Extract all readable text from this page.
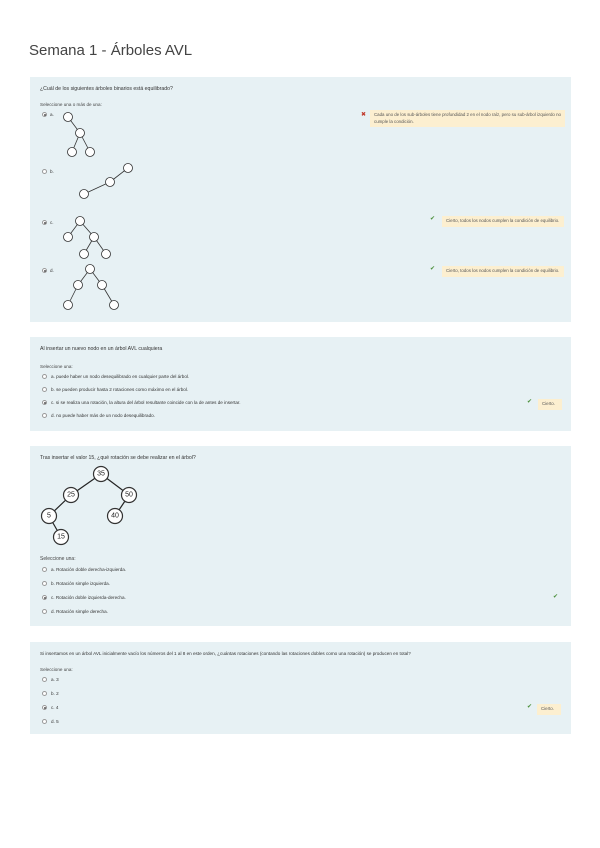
Semana 1 - Árboles AVL
¿Cuál de los siguientes árboles binarios está equilibrado?
Seleccione una o más de una:
a.	✖	Cada uno de los sub-árboles tiene profundidad 2 en el nodo raíz, pero su sub-árbol izquierdo no cumple la condición.
b.
c.
✔	Cierto, todos los nodos cumplen la condición de equilibrio.
d.	✔	Cierto, todos los nodos cumplen la condición de equilibrio.
Al insertar un nuevo nodo en un árbol AVL cualquiera
Seleccione una:
a. puede haber un nodo desequilibrado en cualquier parte del árbol.
b. se pueden producir hasta 2 rotaciones como máximo en el árbol.
c. si se realiza una rotación, la altura del árbol resultante coincide con la de antes de insertar.
d. no puede haber más de un nodo desequilibrado.
✔	Cierto.
Tras insertar el valor 15, ¿qué rotación se debe realizar en el árbol?
35
25	50
5	40
15
Seleccione una:
a. Rotación doble derecha-izquierda.
b. Rotación simple izquierda.
c. Rotación doble izquierda-derecha.
d. Rotación simple derecha.
✔
Si insertamos en un árbol AVL inicialmente vacío los números del 1 al 8 en este orden, ¿cuántas rotaciones (contando las rotaciones dobles como una rotación) se producen en total?
Seleccione una:
a. 3
b. 2
c. 4
d. 5
✔	Cierto.
